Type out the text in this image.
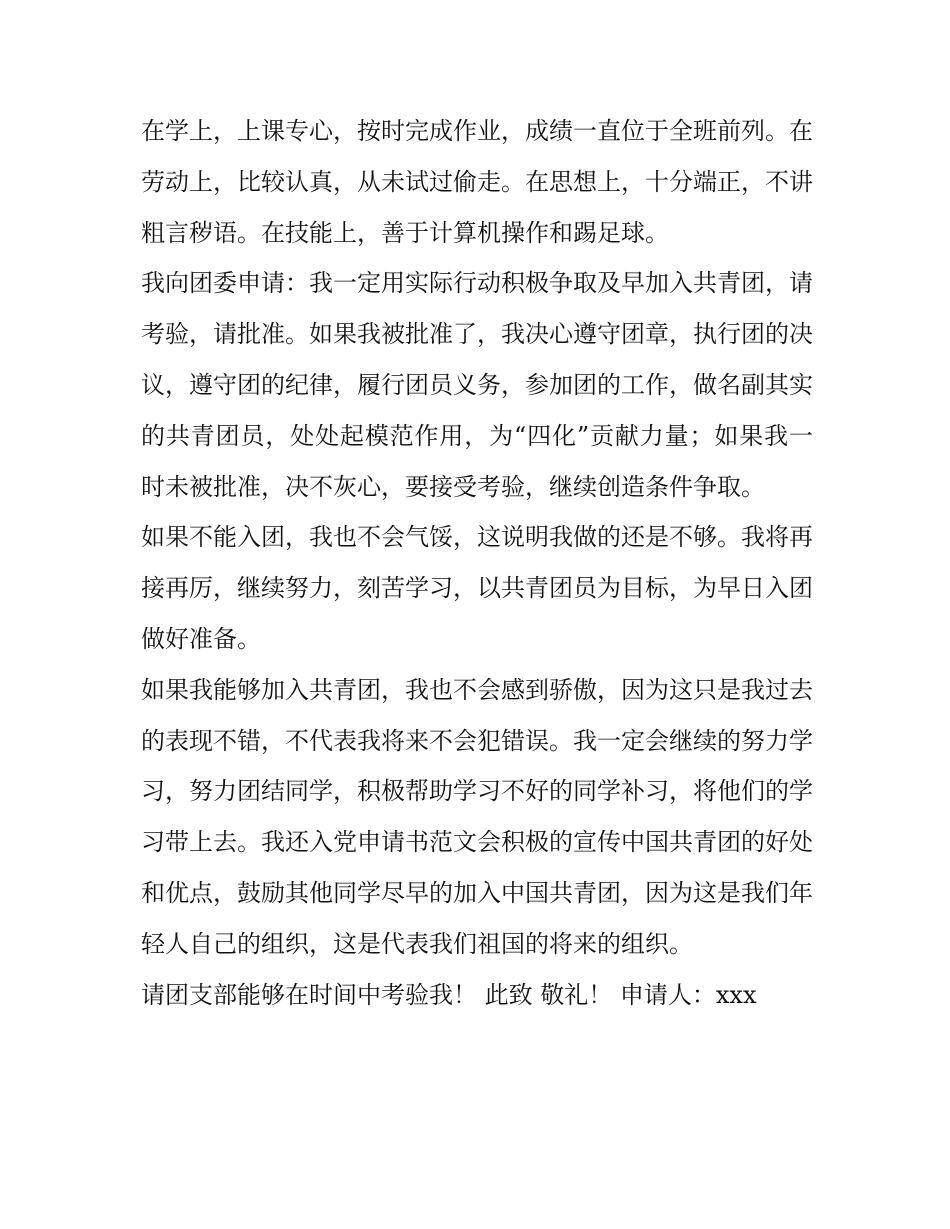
在学上，上课专心，按时完成作业，成绩一直位于全班前列。在劳动上，比较认真，从未试过偷走。在思想上，十分端正，不讲粗言秽语。在技能上，善于计算机操作和踢足球。

我向团委申请：我一定用实际行动积极争取及早加入共青团，请考验，请批准。如果我被批准了，我决心遵守团章，执行团的决议，遵守团的纪律，履行团员义务，参加团的工作，做名副其实的共青团员，处处起模范作用，为“四化”贡献力量；如果我一时未被批准，决不灰心，要接受考验，继续创造条件争取。

如果不能入团，我也不会气馁，这说明我做的还是不够。我将再接再厉，继续努力，刻苦学习，以共青团员为目标，为早日入团做好准备。

如果我能够加入共青团，我也不会感到骄傲，因为这只是我过去的表现不错，不代表我将来不会犯错误。我一定会继续的努力学习，努力团结同学，积极帮助学习不好的同学补习，将他们的学习带上去。我还入党申请书范文会积极的宣传中国共青团的好处和优点，鼓励其他同学尽早的加入中国共青团，因为这是我们年轻人自己的组织，这是代表我们祖国的将来的组织。

请团支部能够在时间中考验我！ 此致 敬礼！ 申请人：xxx
